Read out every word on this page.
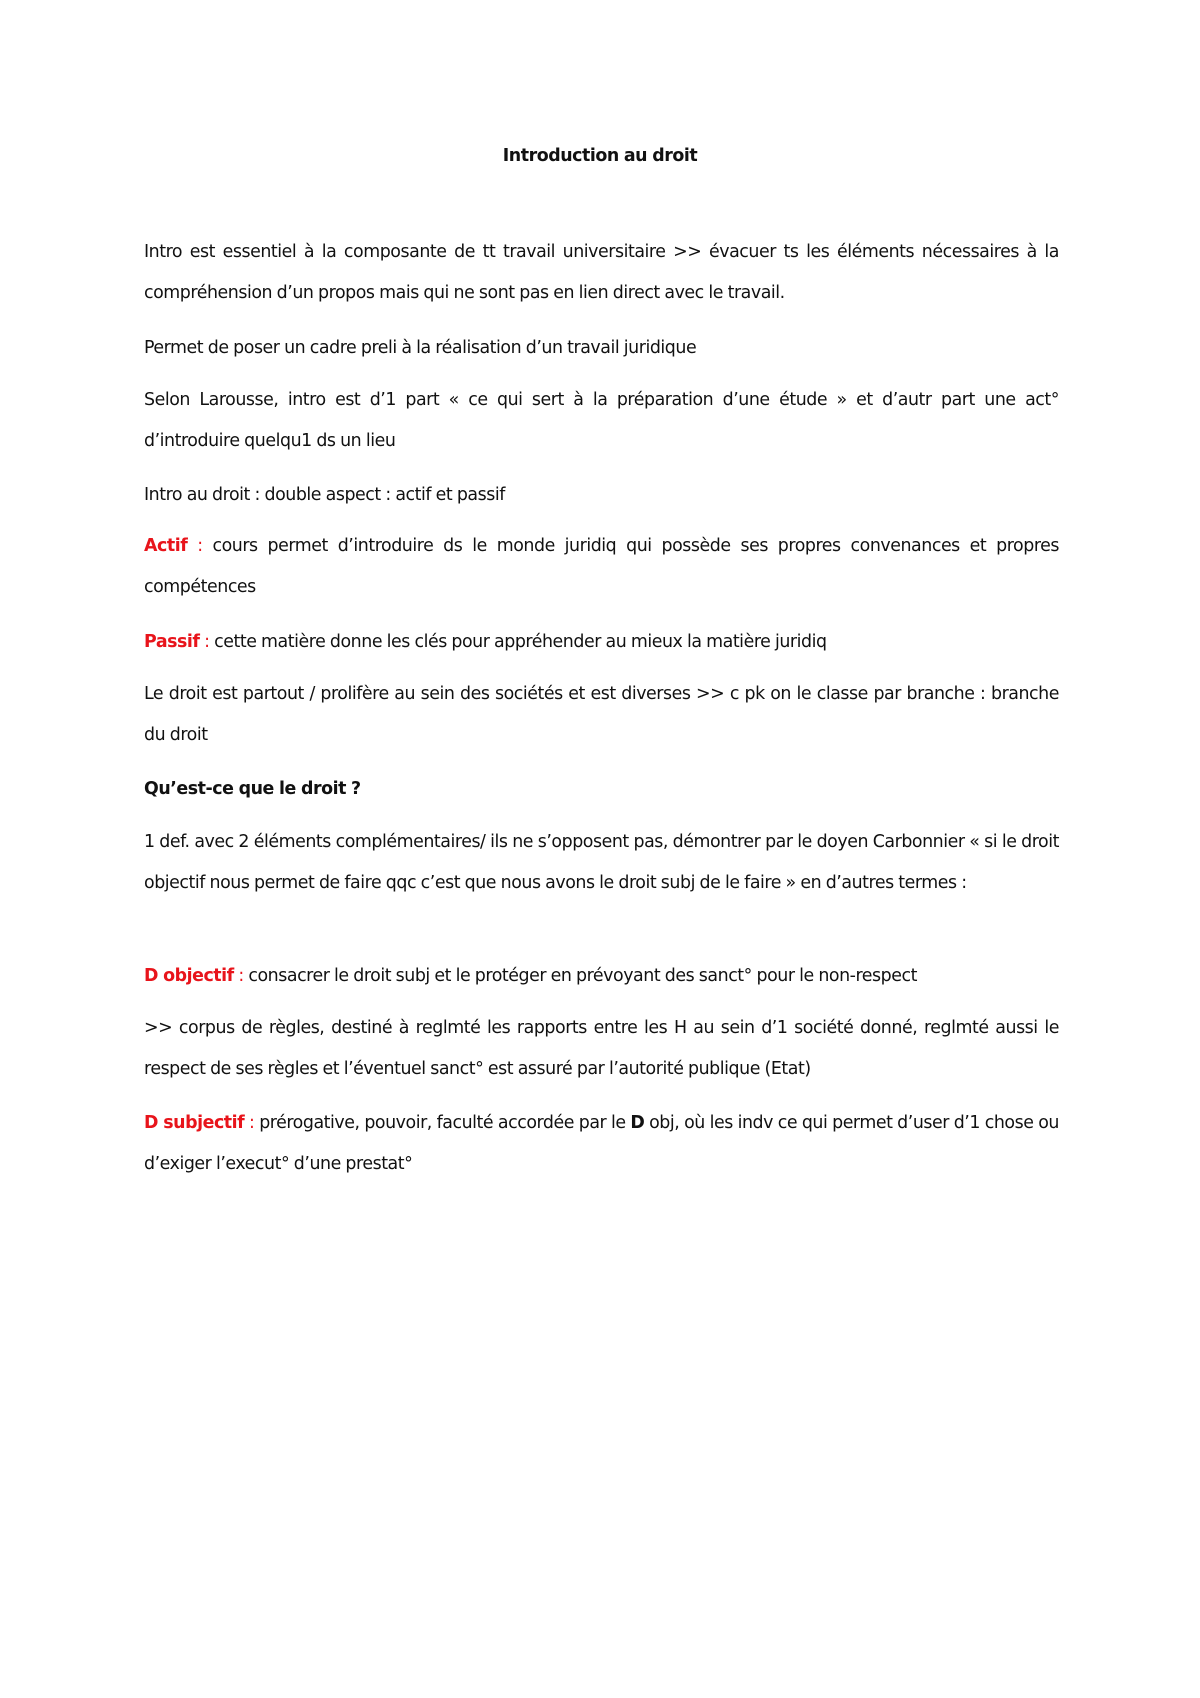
Introduction au droit

Intro est essentiel à la composante de tt travail universitaire >> évacuer ts les éléments nécessaires à la compréhension d’un propos mais qui ne sont pas en lien direct avec le travail.

Permet de poser un cadre preli à la réalisation d’un travail juridique

Selon Larousse, intro est d’1 part « ce qui sert à la préparation d’une étude » et d’autr part une act° d’introduire quelqu1 ds un lieu

Intro au droit : double aspect : actif et passif

Actif : cours permet d’introduire ds le monde juridiq qui possède ses propres convenances et propres compétences

Passif : cette matière donne les clés pour appréhender au mieux la matière juridiq

Le droit est partout / prolifère au sein des sociétés et est diverses >> c pk on le classe par branche : branche du droit

Qu’est-ce que le droit ?

1 def. avec 2 éléments complémentaires/ ils ne s’opposent pas, démontrer par le doyen Carbonnier « si le droit objectif nous permet de faire qqc c’est que nous avons le droit subj de le faire » en d’autres termes :

D objectif : consacrer le droit subj et le protéger en prévoyant des sanct° pour le non-respect

>> corpus de règles, destiné à reglmté les rapports entre les H au sein d’1 société donné, reglmté aussi le respect de ses règles et l’éventuel sanct° est assuré par l’autorité publique (Etat)

D subjectif : prérogative, pouvoir, faculté accordée par le D obj, où les indv ce qui permet d’user d’1 chose ou d’exiger l’execut° d’une prestat°
